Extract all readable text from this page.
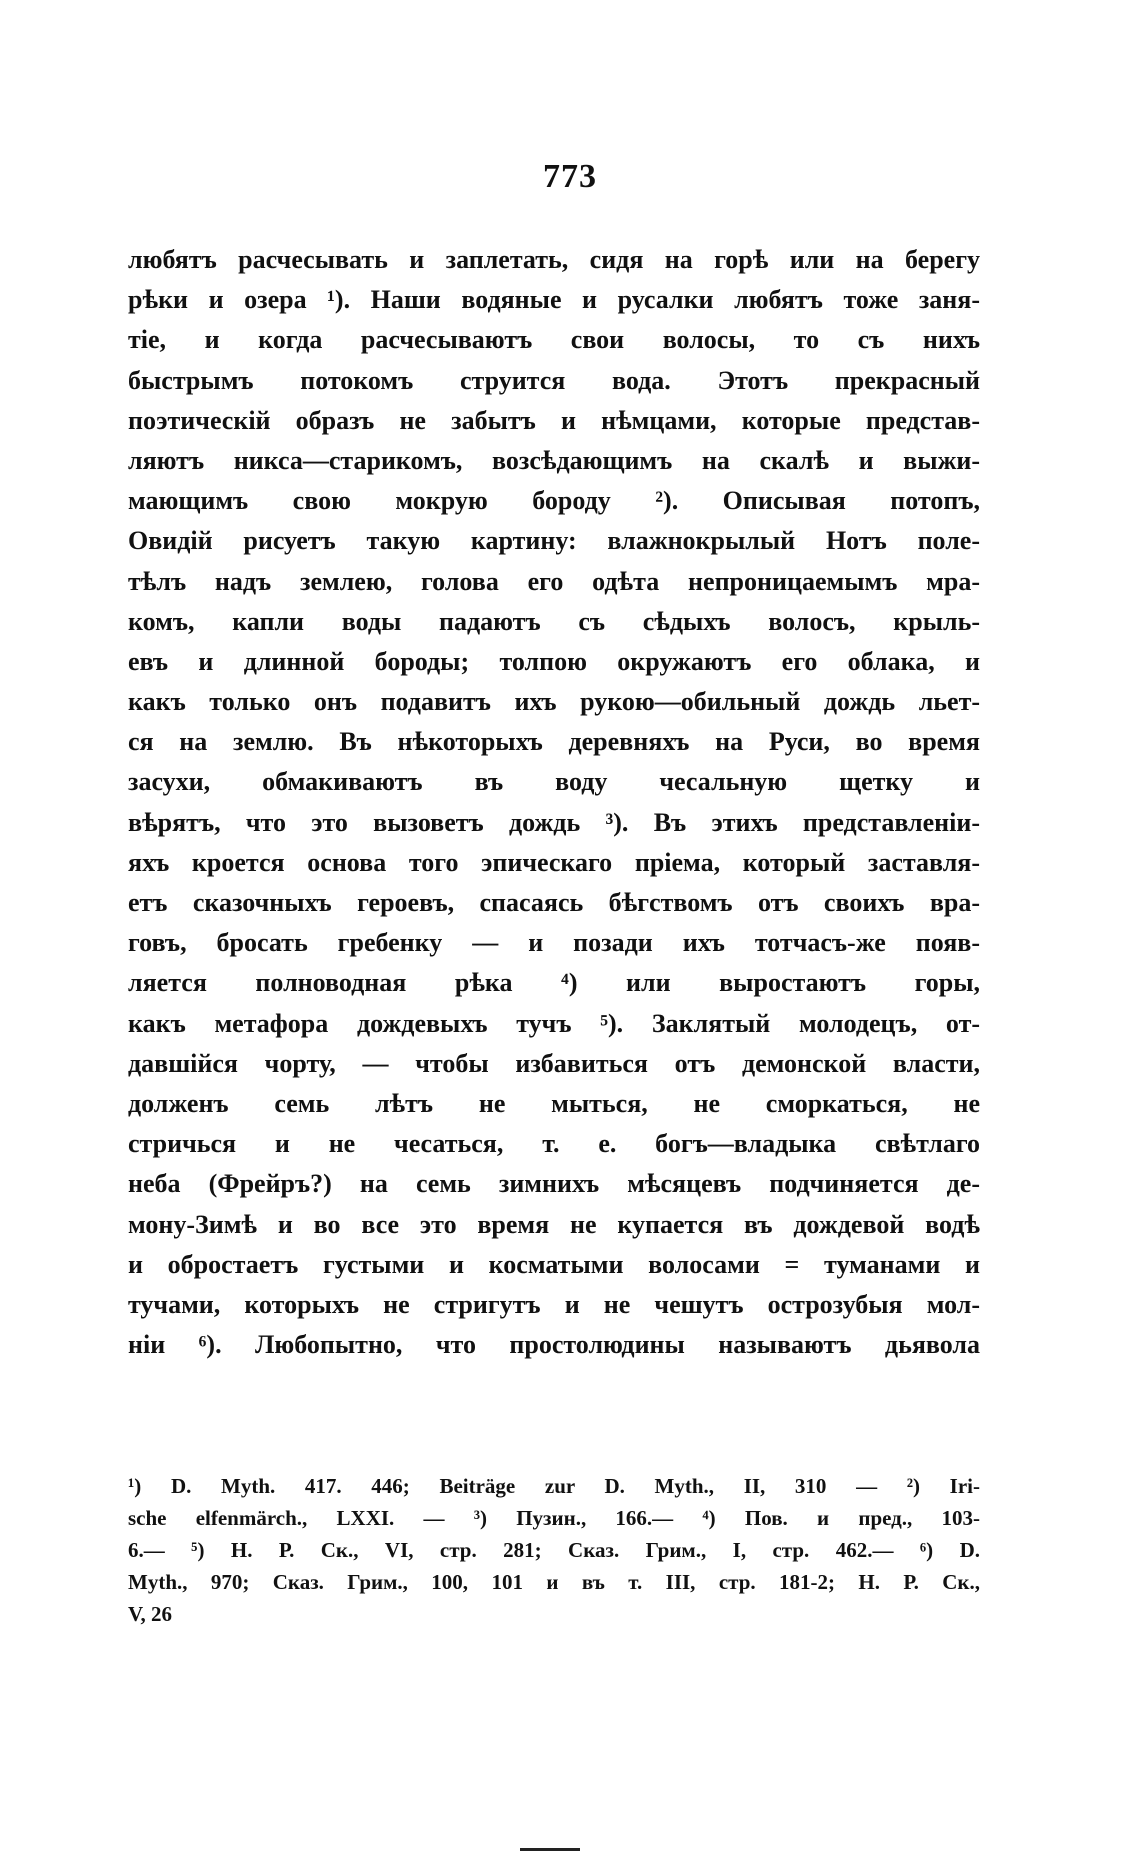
773
любятъ расчесывать и заплетать, сидя на горѣ или на берегу
рѣки и озера ¹). Наши водяные и русалки любятъ тоже заня-
тіе, и когда расчесываютъ свои волосы, то съ нихъ
быстрымъ потокомъ струится вода. Этотъ прекрасный
поэтическій образъ не забытъ и нѣмцами, которые представ-
ляютъ никса—старикомъ, возсѣдающимъ на скалѣ и выжи-
мающимъ свою мокрую бороду ²). Описывая потопъ,
Овидій рисуетъ такую картину: влажнокрылый Нотъ поле-
тѣлъ надъ землею, голова его одѣта непроницаемымъ мра-
комъ, капли воды падаютъ съ сѣдыхъ волосъ, крыль-
евъ и длинной бороды; толпою окружаютъ его облака, и
какъ только онъ подавитъ ихъ рукою—обильный дождь льет-
ся на землю. Въ нѣкоторыхъ деревняхъ на Руси, во время
засухи, обмакиваютъ въ воду чесальную щетку и
вѣрятъ, что это вызоветъ дождь ³). Въ этихъ представленіи-
яхъ кроется основа того эпическаго пріема, который заставля-
етъ сказочныхъ героевъ, спасаясь бѣгствомъ отъ своихъ вра-
говъ, бросать гребенку — и позади ихъ тотчасъ-же появ-
ляется полноводная рѣка ⁴) или выростаютъ горы,
какъ метафора дождевыхъ тучъ ⁵). Заклятый молодецъ, от-
давшійся чорту, — чтобы избавиться отъ демонской власти,
долженъ семь лѣтъ не мыться, не сморкаться, не
стричься и не чесаться, т. е. богъ—владыка свѣтлаго
неба (Фрейръ?) на семь зимнихъ мѣсяцевъ подчиняется де-
мону-Зимѣ и во все это время не купается въ дождевой водѣ
и обростаетъ густыми и косматыми волосами = туманами и
тучами, которыхъ не стригутъ и не чешутъ острозубыя мол-
ніи ⁶). Любопытно, что простолюдины называютъ дьявола
¹) D. Myth. 417. 446; Beiträge zur D. Myth., II, 310 — ²) Iri-
sche elfenmärch., LXXI. — ³) Пузин., 166.— ⁴) Пов. и пред., 103-
6.— ⁵) Н. Р. Ск., VI, стр. 281; Сказ. Грим., I, стр. 462.— ⁶) D.
Myth., 970; Сказ. Грим., 100, 101 и въ т. III, стр. 181-2; Н. Р. Ск.,
V, 26
